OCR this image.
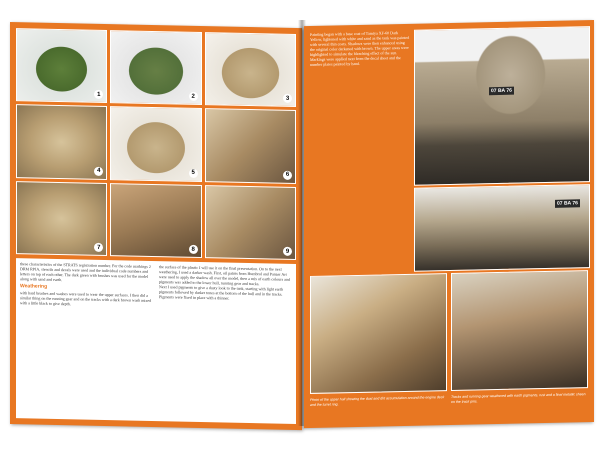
1	2	3
4	5	6
7	8	9
these characteristics of the STRATS registration number. For the code markings 2 DRM RPIA, stencils and decals were used and the individual code numbers and letters on top of each other. The dark green with brushes was used for the model along with sand and earth.
Weathering
with hard brushes and washes were used to wear the upper surfaces. I then did a similar thing on the running gear and on the tracks with a dark brown wash mixed with a little black to give depth.
the surface of the plastic I will use it on the final presentation. On to the next weathering, I used a darker wash. First, oil paints from Humbrol and Panzer Art were used to apply the shadow all over the model, then a mix of earth colours and pigments was added to the lower hull, running gear and tracks.
Next I used pigments to give a dusty look to the tank, starting with light earth pigments followed by darker tones at the bottom of the hull and in the tracks. Pigments were fixed in place with a thinner.
Painting began with a base coat of Tamiya XF-60 Dark Yellow, lightened with white and sand as the tank was painted with several thin coats. Shadows were then enhanced using the original color darkened with brown. The upper areas were highlighted to simulate the bleaching effect of the sun. Markings were applied next from the decal sheet and the number plates painted by hand.
07 BA 76
07 BA 76
Photo of the upper hull showing the dust and dirt accumulation around the engine deck and the turret ring.
Tracks and running gear weathered with earth pigments, rust and a final metallic sheen on the track pins.
